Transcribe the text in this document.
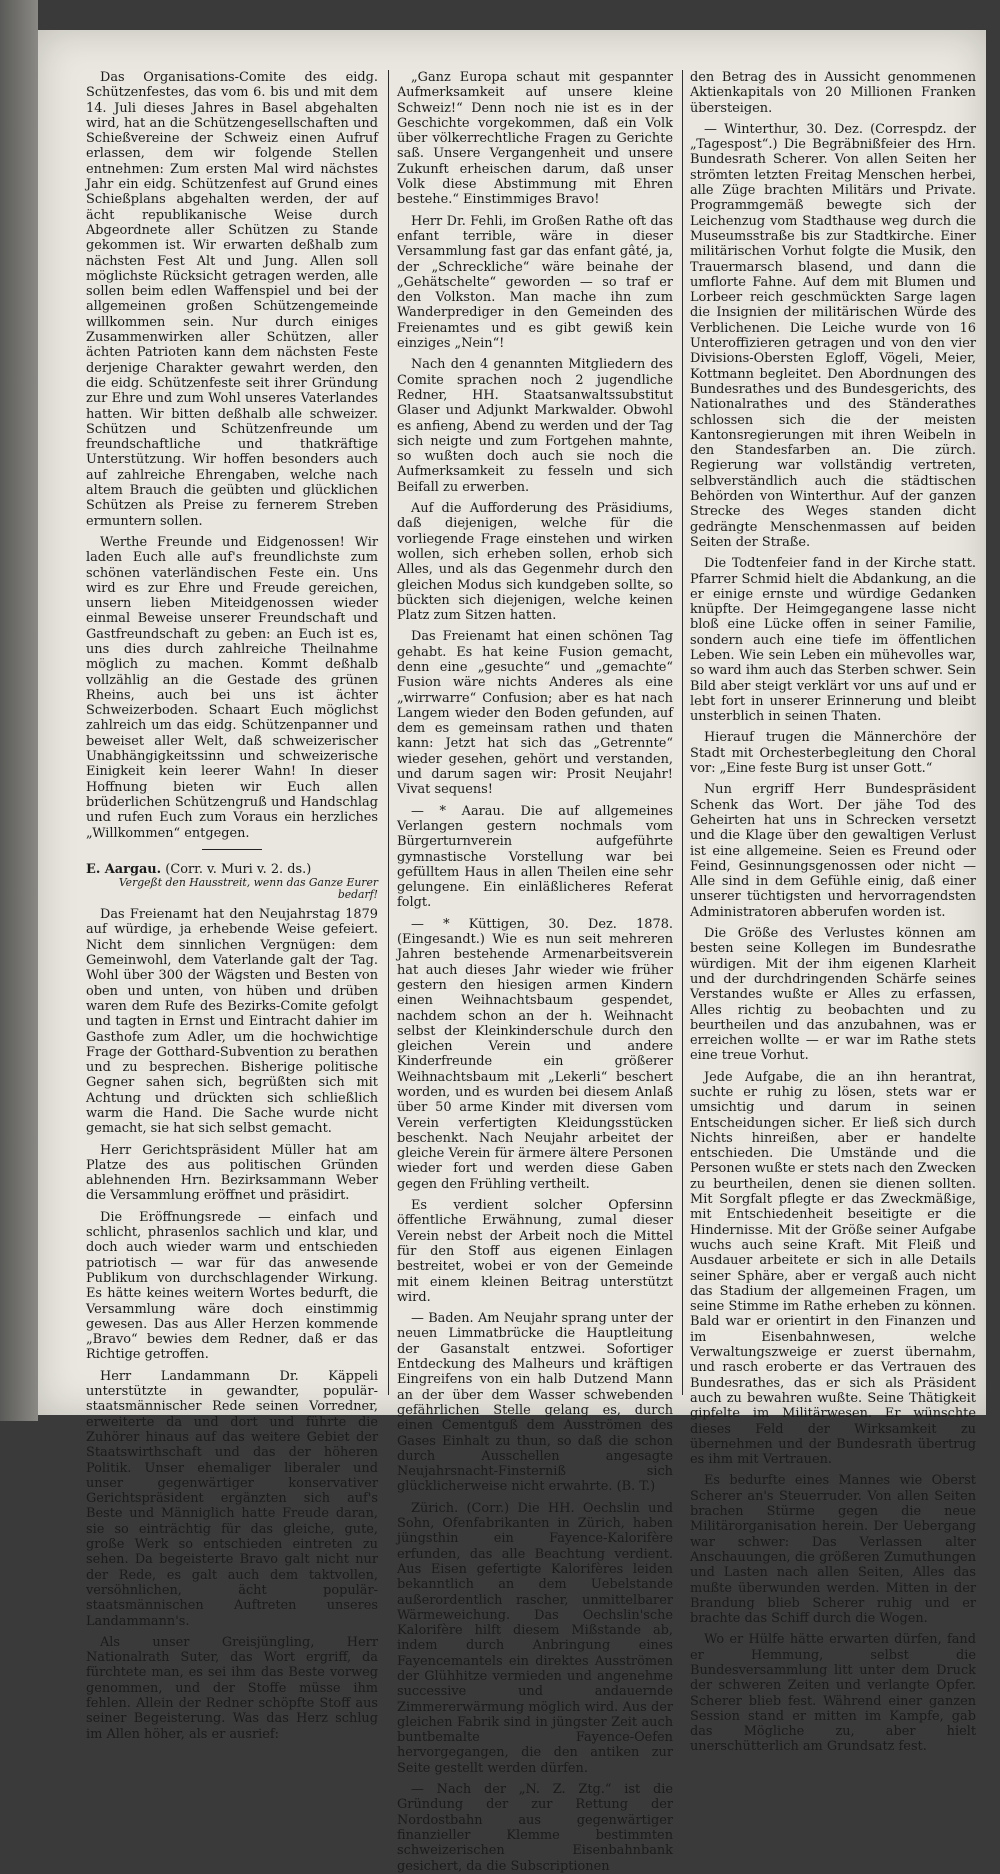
Das Organisations-Comite des eidg. Schützenfestes, das vom 6. bis und mit dem 14. Juli dieses Jahres in Basel abgehalten wird, hat an die Schützengesellschaften und Schießvereine der Schweiz einen Aufruf erlassen, dem wir folgende Stellen entnehmen: Zum ersten Mal wird nächstes Jahr ein eidg. Schützenfest auf Grund eines Schießplans abgehalten werden, der auf ächt republikanische Weise durch Abgeordnete aller Schützen zu Stande gekommen ist. Wir erwarten deßhalb zum nächsten Fest Alt und Jung. Allen soll möglichste Rücksicht getragen werden, alle sollen beim edlen Waffenspiel und bei der allgemeinen großen Schützengemeinde willkommen sein. Nur durch einiges Zusammenwirken aller Schützen, aller ächten Patrioten kann dem nächsten Feste derjenige Charakter gewahrt werden, den die eidg. Schützenfeste seit ihrer Gründung zur Ehre und zum Wohl unseres Vaterlandes hatten. Wir bitten deßhalb alle schweizer. Schützen und Schützenfreunde um freundschaftliche und thatkräftige Unterstützung. Wir hoffen besonders auch auf zahlreiche Ehrengaben, welche nach altem Brauch die geübten und glücklichen Schützen als Preise zu fernerem Streben ermuntern sollen.

Werthe Freunde und Eidgenossen! Wir laden Euch alle auf's freundlichste zum schönen vaterländischen Feste ein. Uns wird es zur Ehre und Freude gereichen, unsern lieben Miteidgenossen wieder einmal Beweise unserer Freundschaft und Gastfreundschaft zu geben: an Euch ist es, uns dies durch zahlreiche Theilnahme möglich zu machen. Kommt deßhalb vollzählig an die Gestade des grünen Rheins, auch bei uns ist ächter Schweizerboden. Schaart Euch möglichst zahlreich um das eidg. Schützenpanner und beweiset aller Welt, daß schweizerischer Unabhängigkeitssinn und schweizerische Einigkeit kein leerer Wahn! In dieser Hoffnung bieten wir Euch allen brüderlichen Schützengruß und Handschlag und rufen Euch zum Voraus ein herzliches „Willkommen“ entgegen.

E. Aargau. (Corr. v. Muri v. 2. ds.)
Vergeßt den Hausstreit, wenn das Ganze Eurer bedarf!

Das Freienamt hat den Neujahrstag 1879 auf würdige, ja erhebende Weise gefeiert. Nicht dem sinnlichen Vergnügen: dem Gemeinwohl, dem Vaterlande galt der Tag. Wohl über 300 der Wägsten und Besten von oben und unten, von hüben und drüben waren dem Rufe des Bezirks-Comite gefolgt und tagten in Ernst und Eintracht dahier im Gasthofe zum Adler, um die hochwichtige Frage der Gotthard-Subvention zu berathen und zu besprechen. Bisherige politische Gegner sahen sich, begrüßten sich mit Achtung und drückten sich schließlich warm die Hand. Die Sache wurde nicht gemacht, sie hat sich selbst gemacht.

Herr Gerichtspräsident Müller hat am Platze des aus politischen Gründen ablehnenden Hrn. Bezirksammann Weber die Versammlung eröffnet und präsidirt.

Die Eröffnungsrede — einfach und schlicht, phrasenlos sachlich und klar, und doch auch wieder warm und entschieden patriotisch — war für das anwesende Publikum von durchschlagender Wirkung. Es hätte keines weitern Wortes bedurft, die Versammlung wäre doch einstimmig gewesen. Das aus Aller Herzen kommende „Bravo“ bewies dem Redner, daß er das Richtige getroffen.

Herr Landammann Dr. Käppeli unterstützte in gewandter, populär-staatsmännischer Rede seinen Vorredner, erweiterte da und dort und führte die Zuhörer hinaus auf das weitere Gebiet der Staatswirthschaft und das der höheren Politik. Unser ehemaliger liberaler und unser gegenwärtiger konservativer Gerichtspräsident ergänzten sich auf's Beste und Männiglich hatte Freude daran, sie so einträchtig für das gleiche, gute, große Werk so entschieden eintreten zu sehen. Da begeisterte Bravo galt nicht nur der Rede, es galt auch dem taktvollen, versöhnlichen, ächt populär-staatsmännischen Auftreten unseres Landammann's.

Als unser Greisjüngling, Herr Nationalrath Suter, das Wort ergriff, da fürchtete man, es sei ihm das Beste vorweg genommen, und der Stoffe müsse ihm fehlen. Allein der Redner schöpfte Stoff aus seiner Begeisterung. Was das Herz schlug im Allen höher, als er ausrief:

„Ganz Europa schaut mit gespannter Aufmerksamkeit auf unsere kleine Schweiz!“ Denn noch nie ist es in der Geschichte vorgekommen, daß ein Volk über völkerrechtliche Fragen zu Gerichte saß. Unsere Vergangenheit und unsere Zukunft erheischen darum, daß unser Volk diese Abstimmung mit Ehren bestehe.“ Einstimmiges Bravo!

Herr Dr. Fehli, im Großen Rathe oft das enfant terrible, wäre in dieser Versammlung fast gar das enfant gâté, ja, der „Schreckliche“ wäre beinahe der „Gehätschelte“ geworden — so traf er den Volkston. Man mache ihn zum Wanderprediger in den Gemeinden des Freienamtes und es gibt gewiß kein einziges „Nein“!

Nach den 4 genannten Mitgliedern des Comite sprachen noch 2 jugendliche Redner, HH. Staatsanwaltssubstitut Glaser und Adjunkt Markwalder. Obwohl es anfieng, Abend zu werden und der Tag sich neigte und zum Fortgehen mahnte, so wußten doch auch sie noch die Aufmerksamkeit zu fesseln und sich Beifall zu erwerben.

Auf die Aufforderung des Präsidiums, daß diejenigen, welche für die vorliegende Frage einstehen und wirken wollen, sich erheben sollen, erhob sich Alles, und als das Gegenmehr durch den gleichen Modus sich kundgeben sollte, so bückten sich diejenigen, welche keinen Platz zum Sitzen hatten.

Das Freienamt hat einen schönen Tag gehabt. Es hat keine Fusion gemacht, denn eine „gesuchte“ und „gemachte“ Fusion wäre nichts Anderes als eine „wirrwarre“ Confusion; aber es hat nach Langem wieder den Boden gefunden, auf dem es gemeinsam rathen und thaten kann: Jetzt hat sich das „Getrennte“ wieder gesehen, gehört und verstanden, und darum sagen wir: Prosit Neujahr! Vivat sequens!

— * Aarau. Die auf allgemeines Verlangen gestern nochmals vom Bürgerturnverein aufgeführte gymnastische Vorstellung war bei gefülltem Haus in allen Theilen eine sehr gelungene. Ein einläßlicheres Referat folgt.

— * Küttigen, 30. Dez. 1878. (Eingesandt.) Wie es nun seit mehreren Jahren bestehende Armenarbeitsverein hat auch dieses Jahr wieder wie früher gestern den hiesigen armen Kindern einen Weihnachtsbaum gespendet, nachdem schon an der h. Weihnacht selbst der Kleinkinderschule durch den gleichen Verein und andere Kinderfreunde ein größerer Weihnachtsbaum mit „Lekerli“ beschert worden, und es wurden bei diesem Anlaß über 50 arme Kinder mit diversen vom Verein verfertigten Kleidungsstücken beschenkt. Nach Neujahr arbeitet der gleiche Verein für ärmere ältere Personen wieder fort und werden diese Gaben gegen den Frühling vertheilt.

Es verdient solcher Opfersinn öffentliche Erwähnung, zumal dieser Verein nebst der Arbeit noch die Mittel für den Stoff aus eigenen Einlagen bestreitet, wobei er von der Gemeinde mit einem kleinen Beitrag unterstützt wird.

— Baden. Am Neujahr sprang unter der neuen Limmatbrücke die Hauptleitung der Gasanstalt entzwei. Sofortiger Entdeckung des Malheurs und kräftigen Eingreifens von ein halb Dutzend Mann an der über dem Wasser schwebenden gefährlichen Stelle gelang es, durch einen Cementguß dem Ausströmen des Gases Einhalt zu thun, so daß die schon durch Ausschellen angesagte Neujahrsnacht-Finsterniß sich glücklicherweise nicht erwahrte. (B. T.)

Zürich. (Corr.) Die HH. Oechslin und Sohn, Ofenfabrikanten in Zürich, haben jüngsthin ein Fayence-Kalorifère erfunden, das alle Beachtung verdient. Aus Eisen gefertigte Kalorifères leiden bekanntlich an dem Uebelstande außerordentlich rascher, unmittelbarer Wärmeweichung. Das Oechslin'sche Kalorifère hilft diesem Mißstande ab, indem durch Anbringung eines Fayencemantels ein direktes Ausströmen der Glühhitze vermieden und angenehme successive und andauernde Zimmererwärmung möglich wird. Aus der gleichen Fabrik sind in jüngster Zeit auch buntbemalte Fayence-Oefen hervorgegangen, die den antiken zur Seite gestellt werden dürfen.

— Nach der „N. Z. Ztg.“ ist die Gründung der zur Rettung der Nordostbahn aus gegenwärtiger finanzieller Klemme bestimmten schweizerischen Eisenbahnbank gesichert, da die Subscriptionen

den Betrag des in Aussicht genommenen Aktienkapitals von 20 Millionen Franken übersteigen.

— Winterthur, 30. Dez. (Correspdz. der „Tagespost“.) Die Begräbnißfeier des Hrn. Bundesrath Scherer. Von allen Seiten her strömten letzten Freitag Menschen herbei, alle Züge brachten Militärs und Private. Programmgemäß bewegte sich der Leichenzug vom Stadthause weg durch die Museumsstraße bis zur Stadtkirche. Einer militärischen Vorhut folgte die Musik, den Trauermarsch blasend, und dann die umflorte Fahne. Auf dem mit Blumen und Lorbeer reich geschmückten Sarge lagen die Insignien der militärischen Würde des Verblichenen. Die Leiche wurde von 16 Unteroffizieren getragen und von den vier Divisions-Obersten Egloff, Vögeli, Meier, Kottmann begleitet. Den Abordnungen des Bundesrathes und des Bundesgerichts, des Nationalrathes und des Ständerathes schlossen sich die der meisten Kantonsregierungen mit ihren Weibeln in den Standesfarben an. Die zürch. Regierung war vollständig vertreten, selbverständlich auch die städtischen Behörden von Winterthur. Auf der ganzen Strecke des Weges standen dicht gedrängte Menschenmassen auf beiden Seiten der Straße.

Die Todtenfeier fand in der Kirche statt. Pfarrer Schmid hielt die Abdankung, an die er einige ernste und würdige Gedanken knüpfte. Der Heimgegangene lasse nicht bloß eine Lücke offen in seiner Familie, sondern auch eine tiefe im öffentlichen Leben. Wie sein Leben ein mühevolles war, so ward ihm auch das Sterben schwer. Sein Bild aber steigt verklärt vor uns auf und er lebt fort in unserer Erinnerung und bleibt unsterblich in seinen Thaten.

Hierauf trugen die Männerchöre der Stadt mit Orchesterbegleitung den Choral vor: „Eine feste Burg ist unser Gott.“

Nun ergriff Herr Bundespräsident Schenk das Wort. Der jähe Tod des Geheirten hat uns in Schrecken versetzt und die Klage über den gewaltigen Verlust ist eine allgemeine. Seien es Freund oder Feind, Gesinnungsgenossen oder nicht — Alle sind in dem Gefühle einig, daß einer unserer tüchtigsten und hervorragendsten Administratoren abberufen worden ist.

Die Größe des Verlustes können am besten seine Kollegen im Bundesrathe würdigen. Mit der ihm eigenen Klarheit und der durchdringenden Schärfe seines Verstandes wußte er Alles zu erfassen, Alles richtig zu beobachten und zu beurtheilen und das anzubahnen, was er erreichen wollte — er war im Rathe stets eine treue Vorhut.

Jede Aufgabe, die an ihn herantrat, suchte er ruhig zu lösen, stets war er umsichtig und darum in seinen Entscheidungen sicher. Er ließ sich durch Nichts hinreißen, aber er handelte entschieden. Die Umstände und die Personen wußte er stets nach den Zwecken zu beurtheilen, denen sie dienen sollten. Mit Sorgfalt pflegte er das Zweckmäßige, mit Entschiedenheit beseitigte er die Hindernisse. Mit der Größe seiner Aufgabe wuchs auch seine Kraft. Mit Fleiß und Ausdauer arbeitete er sich in alle Details seiner Sphäre, aber er vergaß auch nicht das Stadium der allgemeinen Fragen, um seine Stimme im Rathe erheben zu können. Bald war er orientirt in den Finanzen und im Eisenbahnwesen, welche Verwaltungszweige er zuerst übernahm, und rasch eroberte er das Vertrauen des Bundesrathes, das er sich als Präsident auch zu bewahren wußte. Seine Thätigkeit gipfelte im Militärwesen. Er wünschte dieses Feld der Wirksamkeit zu übernehmen und der Bundesrath übertrug es ihm mit Vertrauen.

Es bedurfte eines Mannes wie Oberst Scherer an's Steuerruder. Von allen Seiten brachen Stürme gegen die neue Militärorganisation herein. Der Uebergang war schwer: Das Verlassen alter Anschauungen, die größeren Zumuthungen und Lasten nach allen Seiten, Alles das mußte überwunden werden. Mitten in der Brandung blieb Scherer ruhig und er brachte das Schiff durch die Wogen.

Wo er Hülfe hätte erwarten dürfen, fand er Hemmung, selbst die Bundesversammlung litt unter dem Druck der schweren Zeiten und verlangte Opfer. Scherer blieb fest. Während einer ganzen Session stand er mitten im Kampfe, gab das Mögliche zu, aber hielt unerschütterlich am Grundsatz fest.
